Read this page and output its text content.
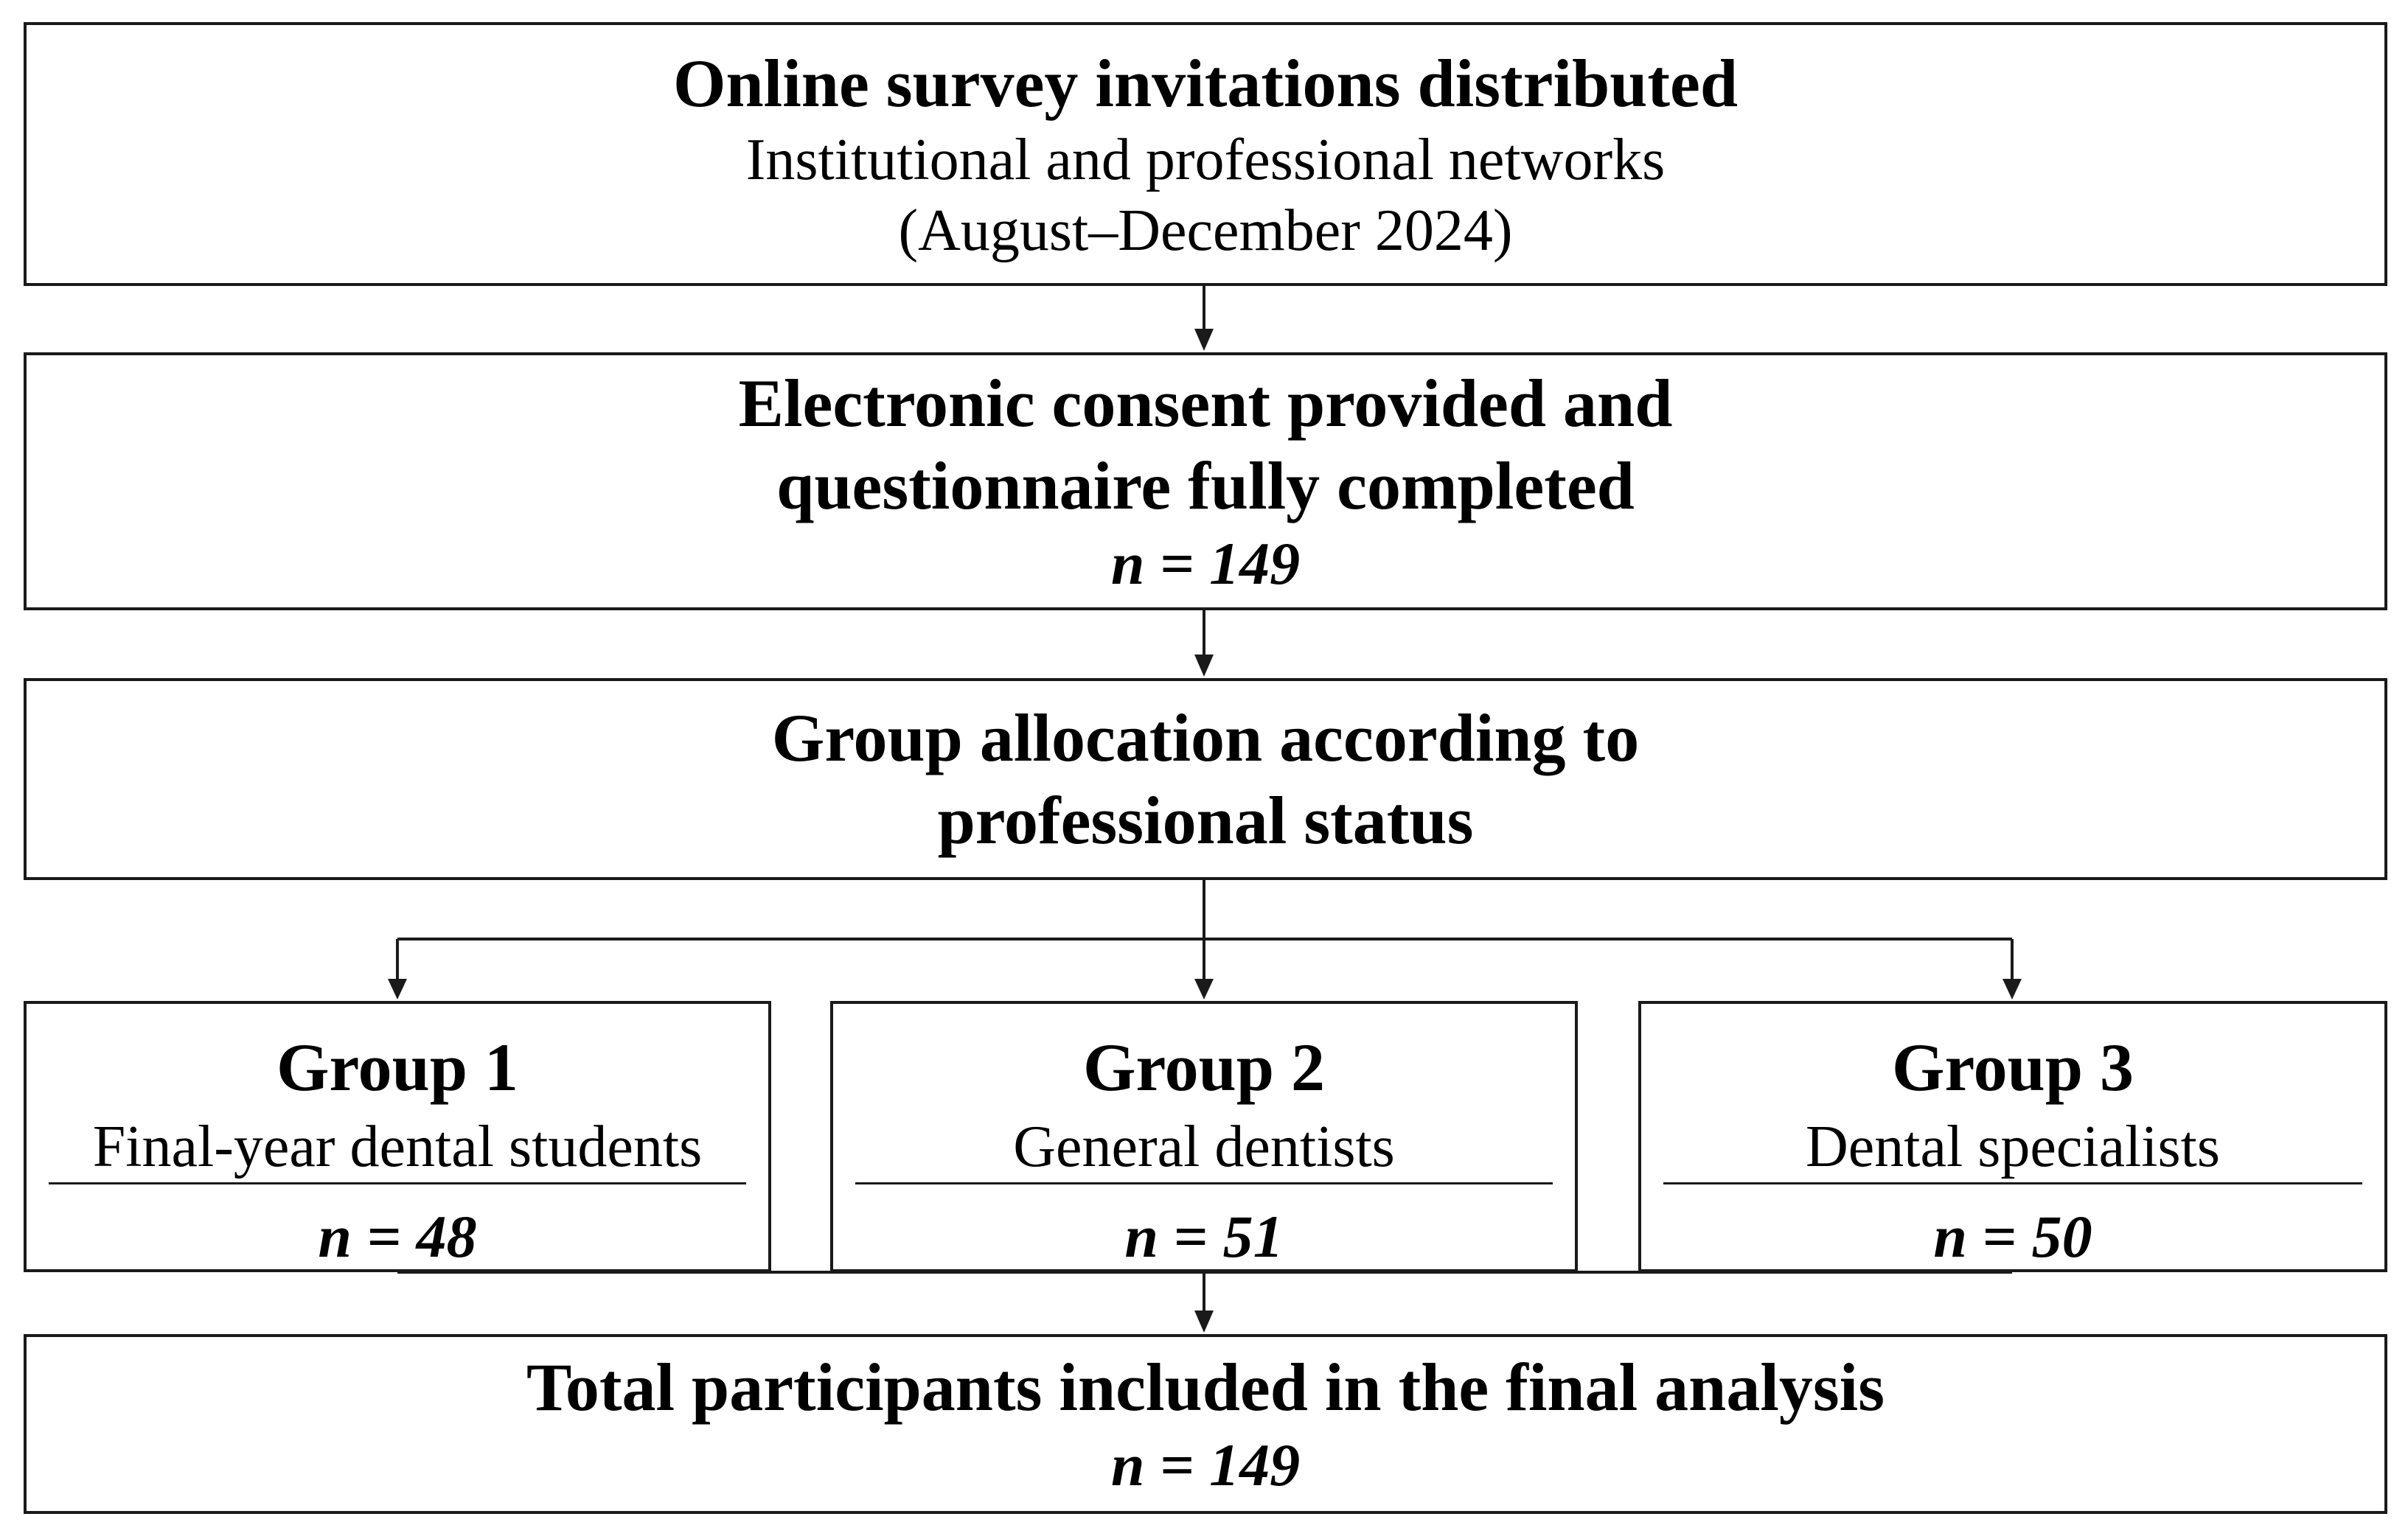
Online survey invitations distributed
Institutional and professional networks
(August–December 2024)
Electronic consent provided and
questionnaire fully completed
n = 149
Group allocation according to
professional status
Group 1
Final-year dental students
n = 48
Group 2
General dentists
n = 51
Group 3
Dental specialists
n = 50
Total participants included in the final analysis
n = 149
